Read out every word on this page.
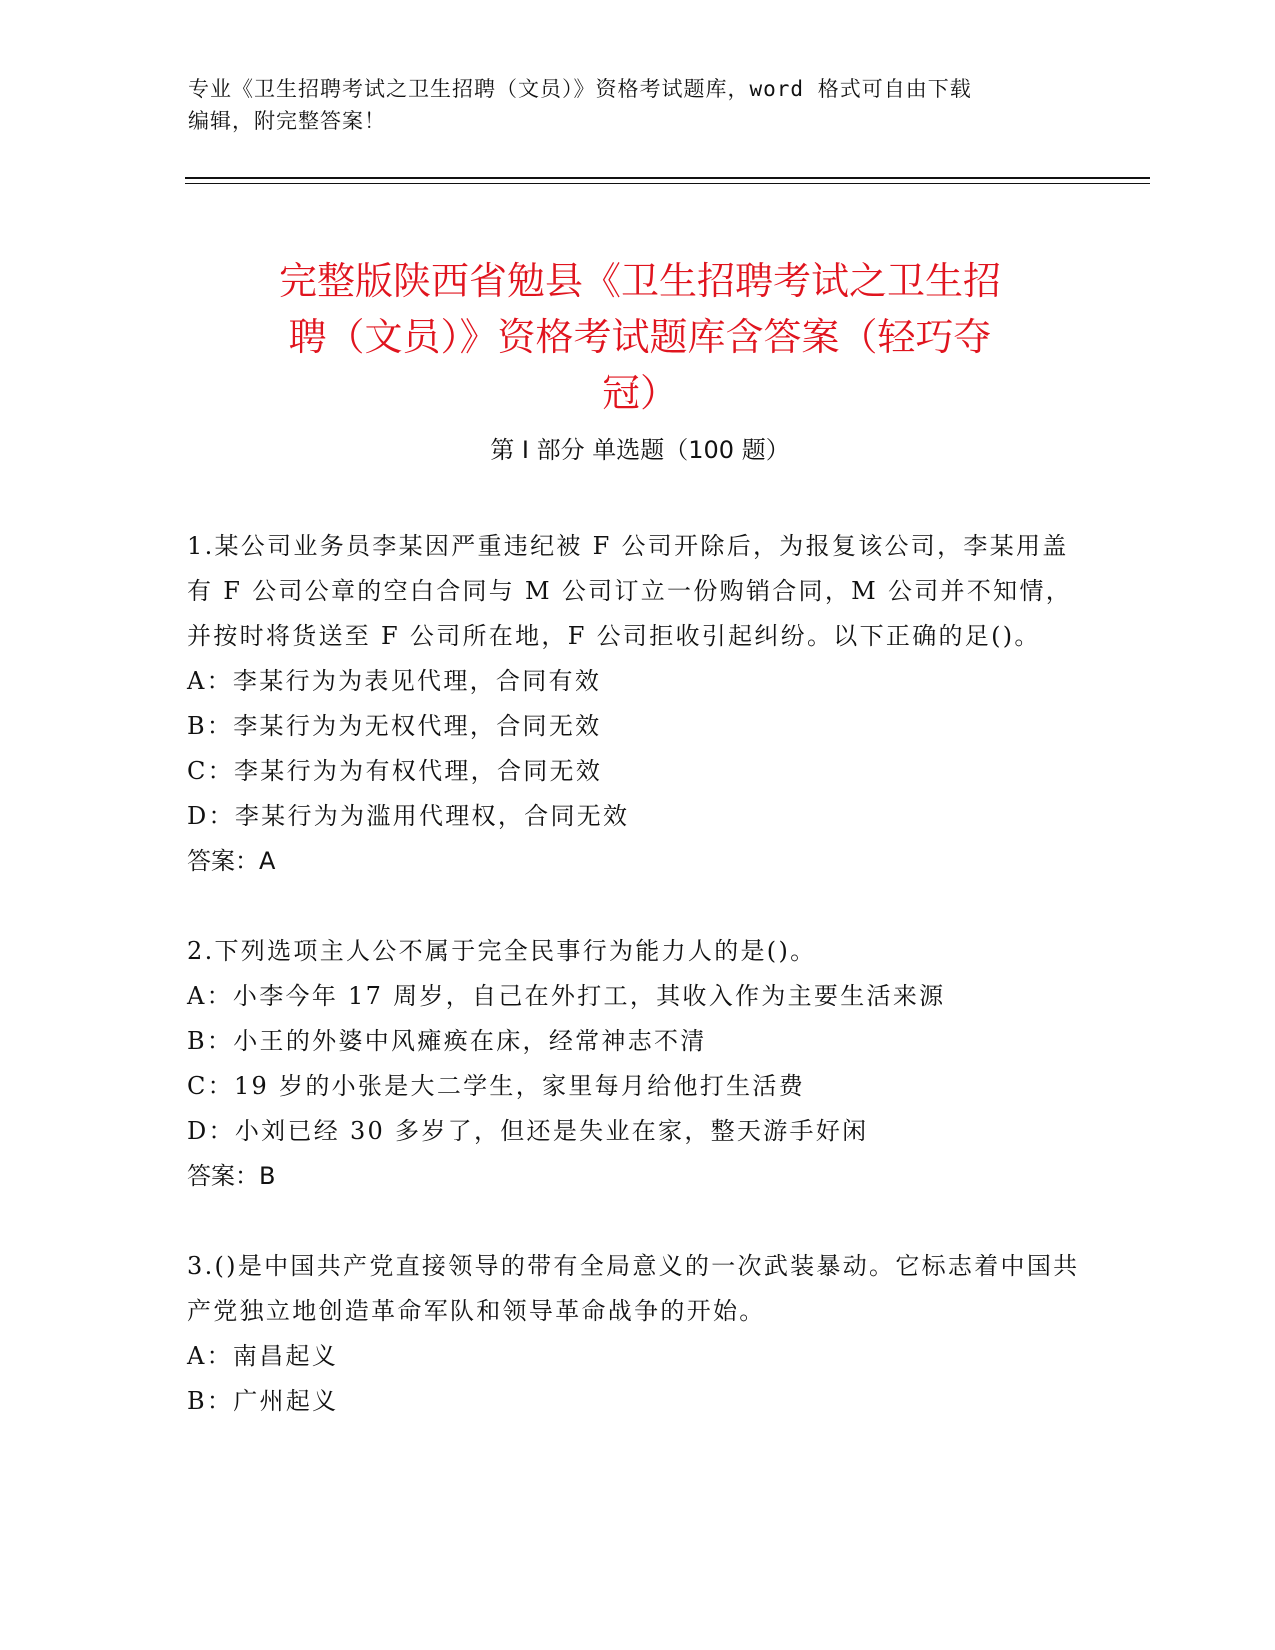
专业《卫生招聘考试之卫生招聘（文员）》资格考试题库，word 格式可自由下载
编辑，附完整答案！
完整版陕西省勉县《卫生招聘考试之卫生招
聘（文员）》资格考试题库含答案（轻巧夺
冠）
第 I 部分 单选题（100 题）

1.某公司业务员李某因严重违纪被 F 公司开除后，为报复该公司，李某用盖有 F 公司公章的空白合同与 M 公司订立一份购销合同，M 公司并不知情，并按时将货送至 F 公司所在地，F 公司拒收引起纠纷。以下正确的足()。

A：李某行为为表见代理，合同有效

B：李某行为为无权代理，合同无效

C：李某行为为有权代理，合同无效

D：李某行为为滥用代理权，合同无效

答案：A

2.下列选项主人公不属于完全民事行为能力人的是()。

A：小李今年 17 周岁，自己在外打工，其收入作为主要生活来源

B：小王的外婆中风瘫痪在床，经常神志不清

C：19 岁的小张是大二学生，家里每月给他打生活费

D：小刘已经 30 多岁了，但还是失业在家，整天游手好闲

答案：B

3.()是中国共产党直接领导的带有全局意义的一次武装暴动。它标志着中国共产党独立地创造革命军队和领导革命战争的开始。

A：南昌起义

B：广州起义
